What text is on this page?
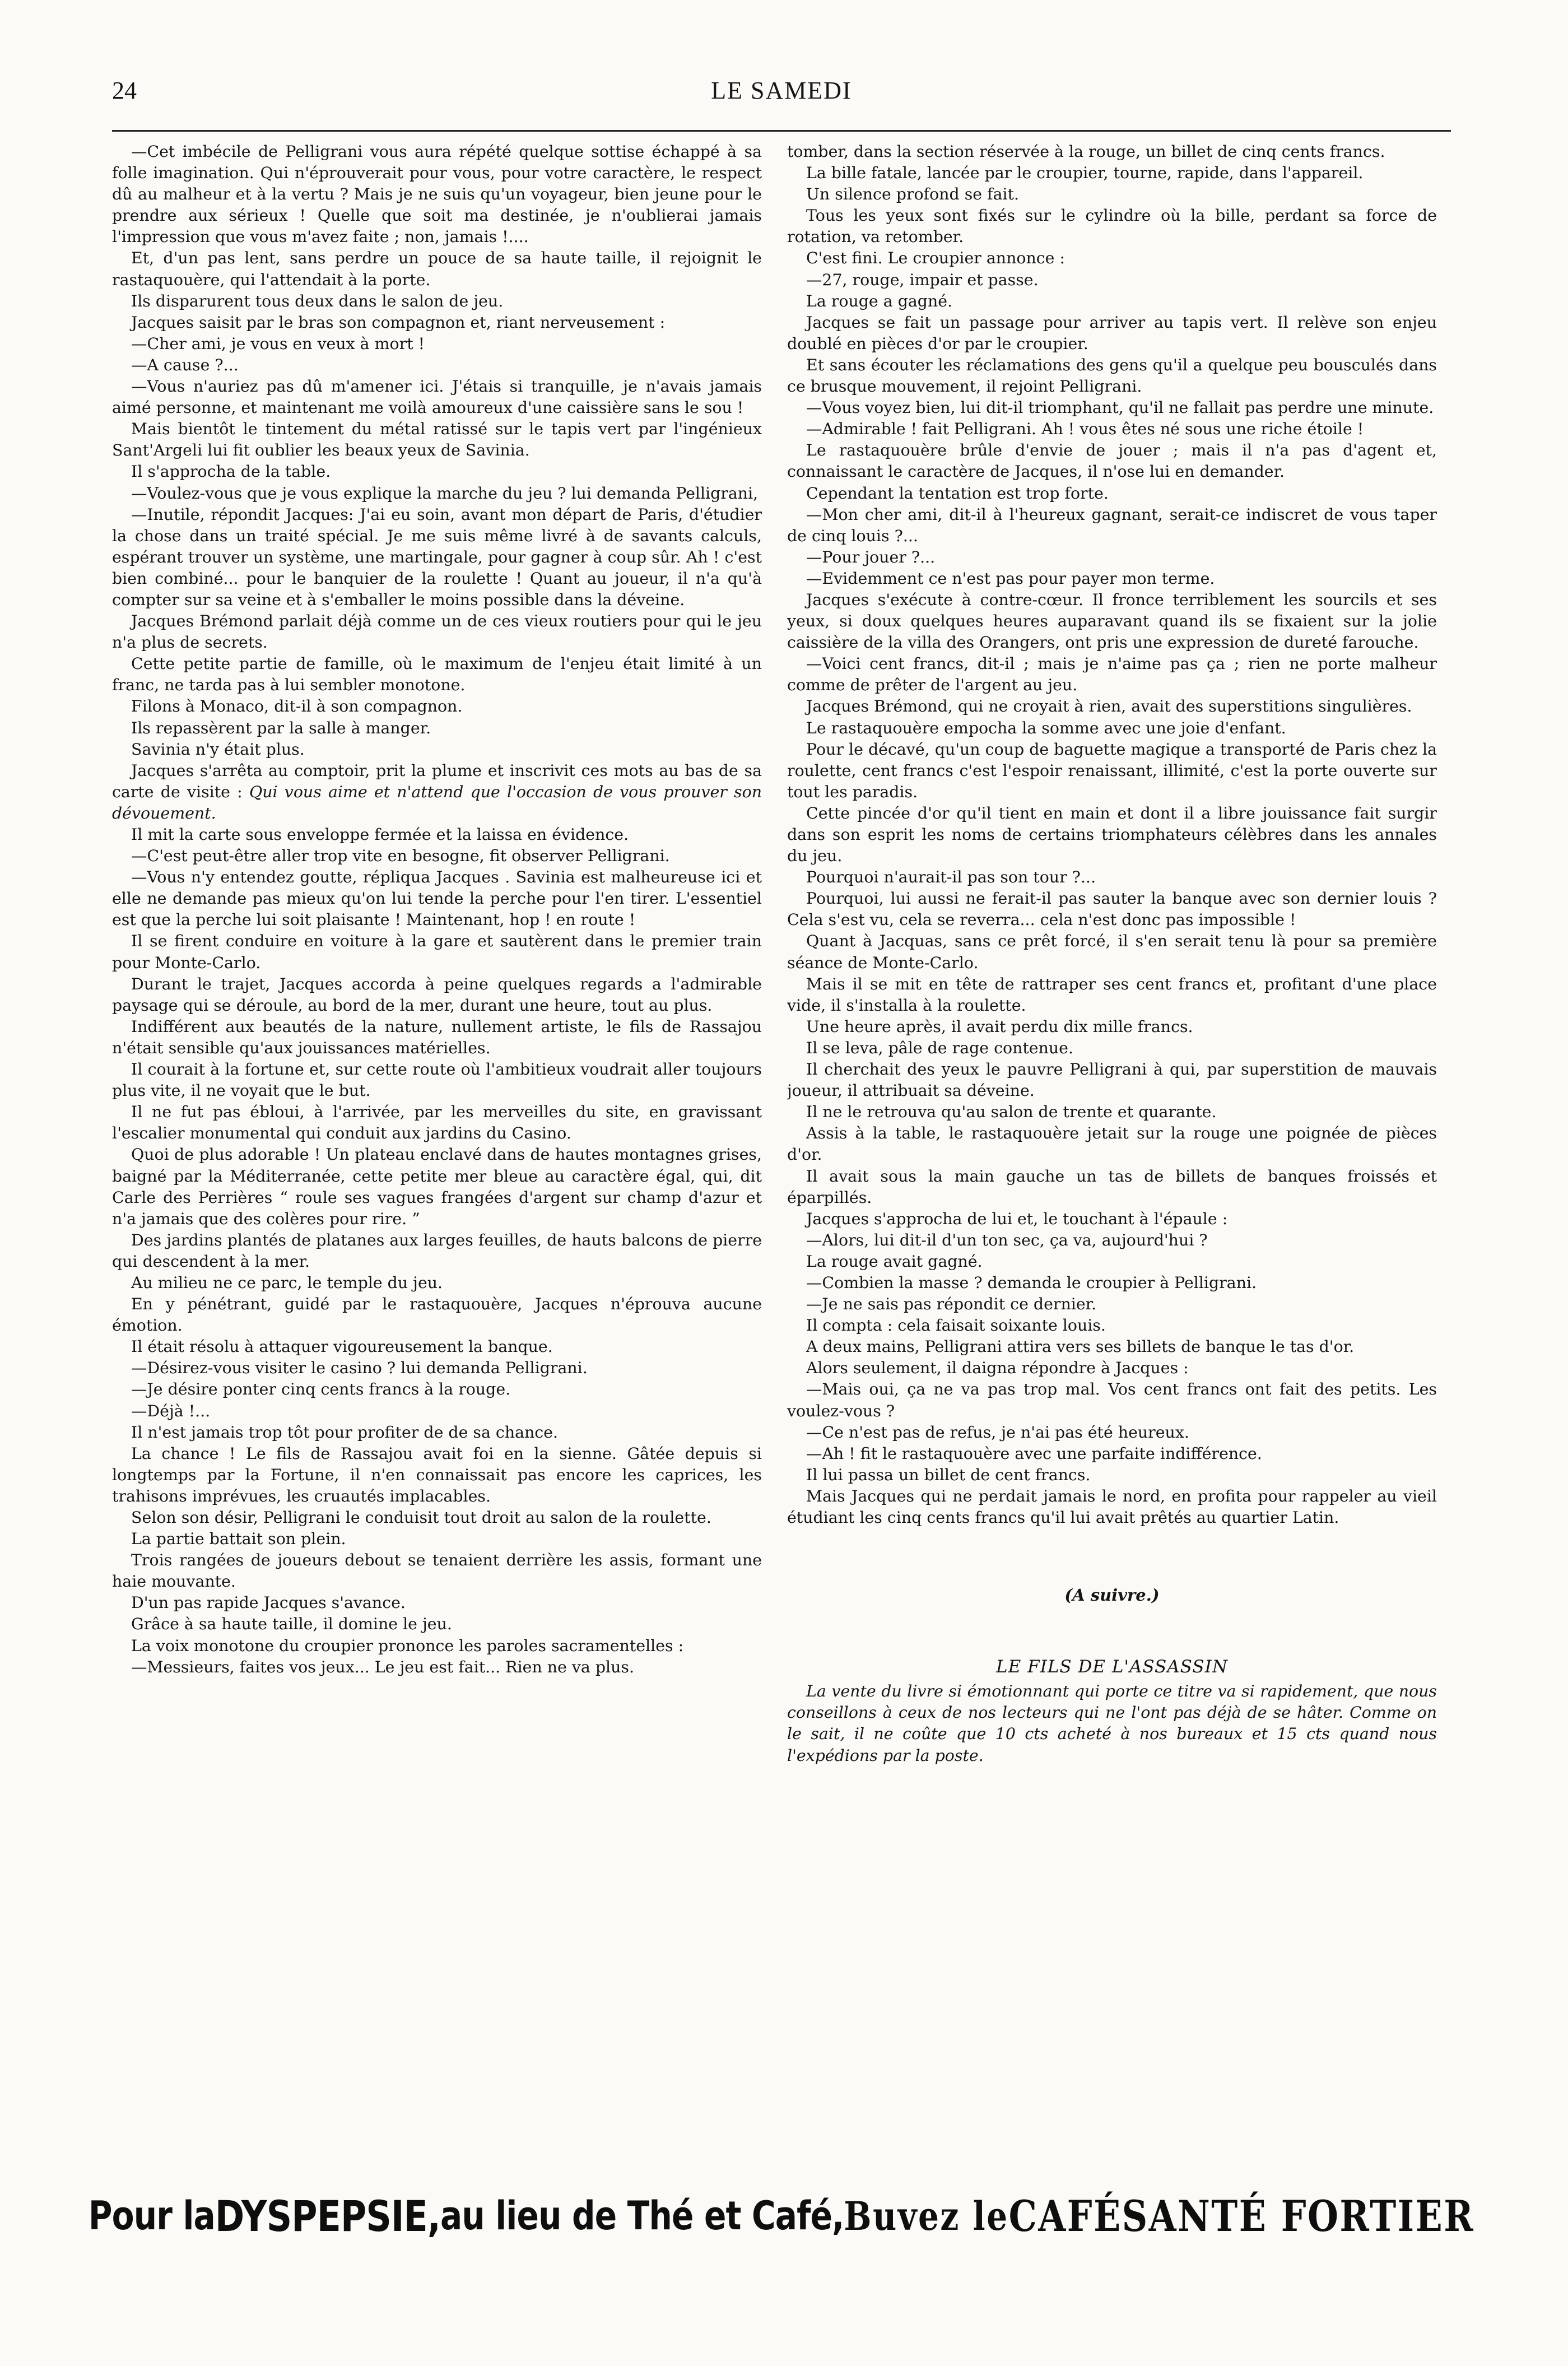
24	LE SAMEDI

—Cet imbécile de Pelligrani vous aura répété quelque sottise échappé à sa folle imagination. Qui n'éprouverait pour vous, pour votre caractère, le respect dû au malheur et à la vertu ? Mais je ne suis qu'un voyageur, bien jeune pour le prendre aux sérieux ! Quelle que soit ma destinée, je n'oublierai jamais l'impression que vous m'avez faite ; non, jamais !....

Et, d'un pas lent, sans perdre un pouce de sa haute taille, il rejoignit le rastaquouère, qui l'attendait à la porte.

Ils disparurent tous deux dans le salon de jeu.

Jacques saisit par le bras son compagnon et, riant nerveusement :

—Cher ami, je vous en veux à mort !

—A cause ?...

—Vous n'auriez pas dû m'amener ici. J'étais si tranquille, je n'avais jamais aimé personne, et maintenant me voilà amoureux d'une caissière sans le sou !

Mais bientôt le tintement du métal ratissé sur le tapis vert par l'ingénieux Sant'Argeli lui fit oublier les beaux yeux de Savinia.

Il s'approcha de la table.

—Voulez-vous que je vous explique la marche du jeu ? lui demanda Pelligrani,

—Inutile, répondit Jacques: J'ai eu soin, avant mon départ de Paris, d'étudier la chose dans un traité spécial. Je me suis même livré à de savants calculs, espérant trouver un système, une martingale, pour gagner à coup sûr. Ah ! c'est bien combiné... pour le banquier de la roulette ! Quant au joueur, il n'a qu'à compter sur sa veine et à s'emballer le moins possible dans la déveine.

Jacques Brémond parlait déjà comme un de ces vieux routiers pour qui le jeu n'a plus de secrets.

Cette petite partie de famille, où le maximum de l'enjeu était limité à un franc, ne tarda pas à lui sembler monotone.

Filons à Monaco, dit-il à son compagnon.

Ils repassèrent par la salle à manger.

Savinia n'y était plus.

Jacques s'arrêta au comptoir, prit la plume et inscrivit ces mots au bas de sa carte de visite : Qui vous aime et n'attend que l'occasion de vous prouver son dévouement.

Il mit la carte sous enveloppe fermée et la laissa en évidence.

—C'est peut-être aller trop vite en besogne, fit observer Pelligrani.

—Vous n'y entendez goutte, répliqua Jacques . Savinia est malheureuse ici et elle ne demande pas mieux qu'on lui tende la perche pour l'en tirer. L'essentiel est que la perche lui soit plaisante ! Maintenant, hop ! en route !

Il se firent conduire en voiture à la gare et sautèrent dans le premier train pour Monte-Carlo.

Durant le trajet, Jacques accorda à peine quelques regards a l'admirable paysage qui se déroule, au bord de la mer, durant une heure, tout au plus.

Indifférent aux beautés de la nature, nullement artiste, le fils de Rassajou n'était sensible qu'aux jouissances matérielles.

Il courait à la fortune et, sur cette route où l'ambitieux voudrait aller toujours plus vite, il ne voyait que le but.

Il ne fut pas ébloui, à l'arrivée, par les merveilles du site, en gravissant l'escalier monumental qui conduit aux jardins du Casino.

Quoi de plus adorable ! Un plateau enclavé dans de hautes montagnes grises, baigné par la Méditerranée, cette petite mer bleue au caractère égal, qui, dit Carle des Perrières “ roule ses vagues frangées d'argent sur champ d'azur et n'a jamais que des colères pour rire. ”

Des jardins plantés de platanes aux larges feuilles, de hauts balcons de pierre qui descendent à la mer.

Au milieu ne ce parc, le temple du jeu.

En y pénétrant, guidé par le rastaquouère, Jacques n'éprouva aucune émotion.

Il était résolu à attaquer vigoureusement la banque.

—Désirez-vous visiter le casino ? lui demanda Pelligrani.

—Je désire ponter cinq cents francs à la rouge.

—Déjà !...

Il n'est jamais trop tôt pour profiter de de sa chance.

La chance ! Le fils de Rassajou avait foi en la sienne. Gâtée depuis si longtemps par la Fortune, il n'en connaissait pas encore les caprices, les trahisons imprévues, les cruautés implacables.

Selon son désir, Pelligrani le conduisit tout droit au salon de la roulette.

La partie battait son plein.

Trois rangées de joueurs debout se tenaient derrière les assis, formant une haie mouvante.

D'un pas rapide Jacques s'avance.

Grâce à sa haute taille, il domine le jeu.

La voix monotone du croupier prononce les paroles sacramentelles :

—Messieurs, faites vos jeux... Le jeu est fait... Rien ne va plus.

tomber, dans la section réservée à la rouge, un billet de cinq cents francs.

La bille fatale, lancée par le croupier, tourne, rapide, dans l'appareil.

Un silence profond se fait.

Tous les yeux sont fixés sur le cylindre où la bille, perdant sa force de rotation, va retomber.

C'est fini. Le croupier annonce :

—27, rouge, impair et passe.

La rouge a gagné.

Jacques se fait un passage pour arriver au tapis vert. Il relève son enjeu doublé en pièces d'or par le croupier.

Et sans écouter les réclamations des gens qu'il a quelque peu bousculés dans ce brusque mouvement, il rejoint Pelligrani.

—Vous voyez bien, lui dit-il triomphant, qu'il ne fallait pas perdre une minute.

—Admirable ! fait Pelligrani. Ah ! vous êtes né sous une riche étoile !

Le rastaquouère brûle d'envie de jouer ; mais il n'a pas d'agent et, connaissant le caractère de Jacques, il n'ose lui en demander.

Cependant la tentation est trop forte.

—Mon cher ami, dit-il à l'heureux gagnant, serait-ce indiscret de vous taper de cinq louis ?...

—Pour jouer ?...

—Evidemment ce n'est pas pour payer mon terme.

Jacques s'exécute à contre-cœur. Il fronce terriblement les sourcils et ses yeux, si doux quelques heures auparavant quand ils se fixaient sur la jolie caissière de la villa des Orangers, ont pris une expression de dureté farouche.

—Voici cent francs, dit-il ; mais je n'aime pas ça ; rien ne porte malheur comme de prêter de l'argent au jeu.

Jacques Brémond, qui ne croyait à rien, avait des superstitions singulières.

Le rastaquouère empocha la somme avec une joie d'enfant.

Pour le décavé, qu'un coup de baguette magique a transporté de Paris chez la roulette, cent francs c'est l'espoir renaissant, illimité, c'est la porte ouverte sur tout les paradis.

Cette pincée d'or qu'il tient en main et dont il a libre jouissance fait surgir dans son esprit les noms de certains triomphateurs célèbres dans les annales du jeu.

Pourquoi n'aurait-il pas son tour ?...

Pourquoi, lui aussi ne ferait-il pas sauter la banque avec son dernier louis ? Cela s'est vu, cela se reverra... cela n'est donc pas impossible !

Quant à Jacquas, sans ce prêt forcé, il s'en serait tenu là pour sa première séance de Monte-Carlo.

Mais il se mit en tête de rattraper ses cent francs et, profitant d'une place vide, il s'installa à la roulette.

Une heure après, il avait perdu dix mille francs.

Il se leva, pâle de rage contenue.

Il cherchait des yeux le pauvre Pelligrani à qui, par superstition de mauvais joueur, il attribuait sa déveine.

Il ne le retrouva qu'au salon de trente et quarante.

Assis à la table, le rastaquouère jetait sur la rouge une poignée de pièces d'or.

Il avait sous la main gauche un tas de billets de banques froissés et éparpillés.

Jacques s'approcha de lui et, le touchant à l'épaule :

—Alors, lui dit-il d'un ton sec, ça va, aujourd'hui ?

La rouge avait gagné.

—Combien la masse ? demanda le croupier à Pelligrani.

—Je ne sais pas répondit ce dernier.

Il compta : cela faisait soixante louis.

A deux mains, Pelligrani attira vers ses billets de banque le tas d'or.

Alors seulement, il daigna répondre à Jacques :

—Mais oui, ça ne va pas trop mal. Vos cent francs ont fait des petits. Les voulez-vous ?

—Ce n'est pas de refus, je n'ai pas été heureux.

—Ah ! fit le rastaquouère avec une parfaite indifférence.

Il lui passa un billet de cent francs.

Mais Jacques qui ne perdait jamais le nord, en profita pour rappeler au vieil étudiant les cinq cents francs qu'il lui avait prêtés au quartier Latin.

(A suivre.)
LE FILS DE L'ASSASSIN

La vente du livre si émotionnant qui porte ce titre va si rapidement, que nous conseillons à ceux de nos lecteurs qui ne l'ont pas déjà de se hâter. Comme on le sait, il ne coûte que 10 cts acheté à nos bureaux et 15 cts quand nous l'expédions par la poste.

Pour la DYSPEPSIE, au lieu de Thé et Café, Buvez le CAFÉSANTÉ FORTIER
